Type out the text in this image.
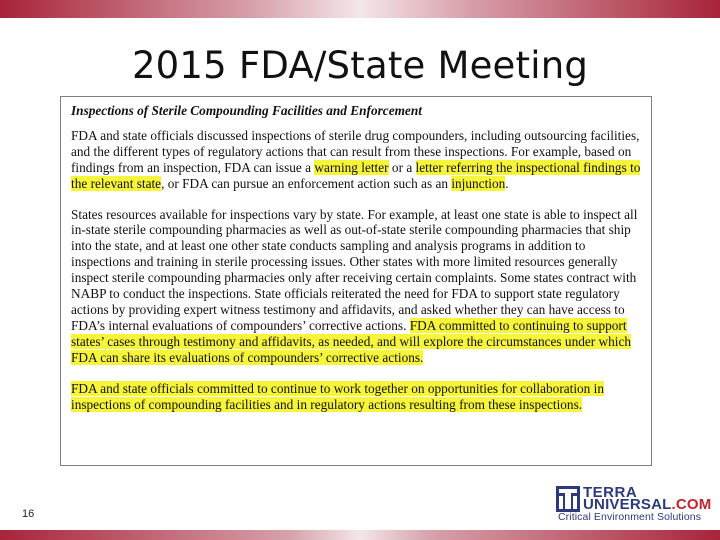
2015 FDA/State Meeting

Inspections of Sterile Compounding Facilities and Enforcement

FDA and state officials discussed inspections of sterile drug compounders, including outsourcing facilities, and the different types of regulatory actions that can result from these inspections. For example, based on findings from an inspection, FDA can issue a warning letter or a letter referring the inspectional findings to the relevant state, or FDA can pursue an enforcement action such as an injunction.

States resources available for inspections vary by state. For example, at least one state is able to inspect all in-state sterile compounding pharmacies as well as out-of-state sterile compounding pharmacies that ship into the state, and at least one other state conducts sampling and analysis programs in addition to inspections and training in sterile processing issues. Other states with more limited resources generally inspect sterile compounding pharmacies only after receiving certain complaints. Some states contract with NABP to conduct the inspections. State officials reiterated the need for FDA to support state regulatory actions by providing expert witness testimony and affidavits, and asked whether they can have access to FDA’s internal evaluations of compounders’ corrective actions. FDA committed to continuing to support states’ cases through testimony and affidavits, as needed, and will explore the circumstances under which FDA can share its evaluations of compounders’ corrective actions.

FDA and state officials committed to continue to work together on opportunities for collaboration in inspections of compounding facilities and in regulatory actions resulting from these inspections.

16
TERRA
UNIVERSAL.COM
Critical Environment Solutions
